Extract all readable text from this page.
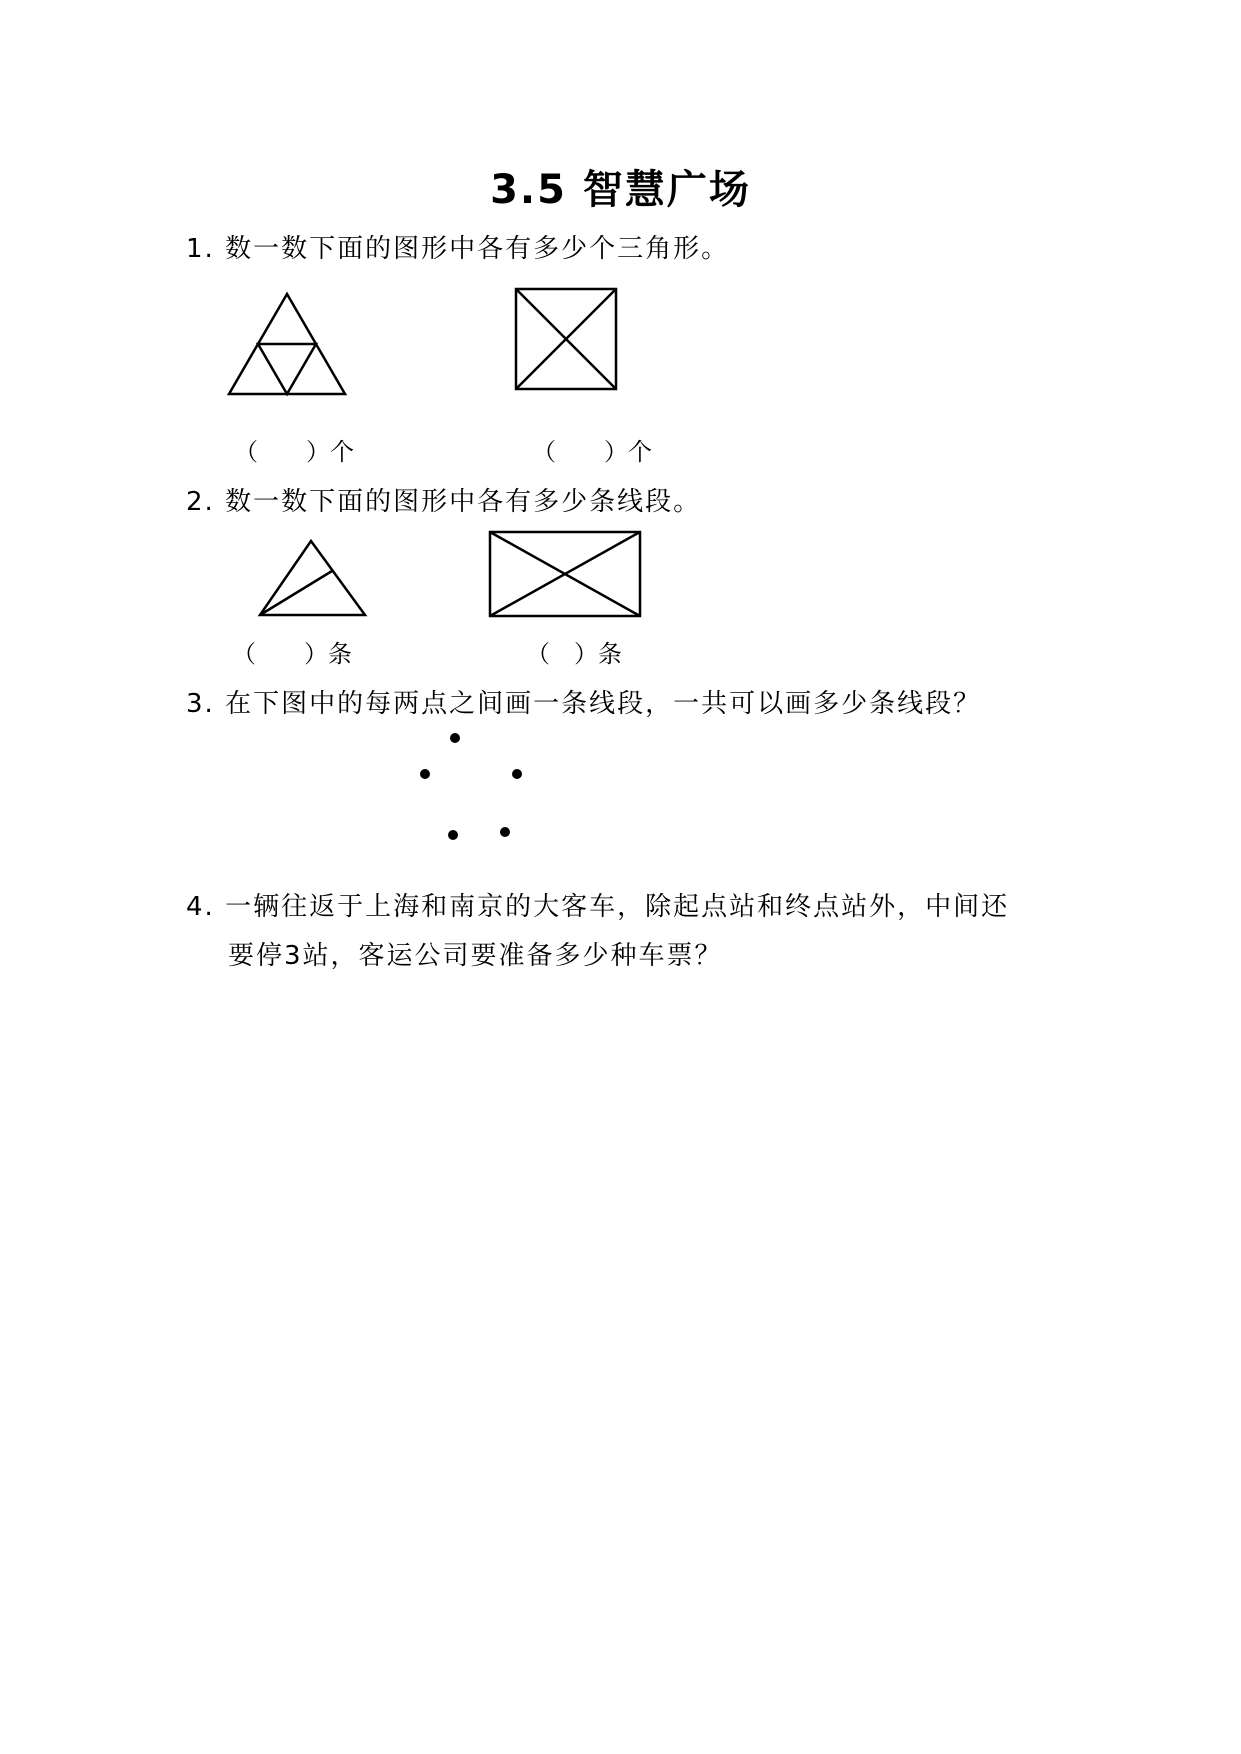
3.5 智慧广场
1. 数一数下面的图形中各有多少个三角形。
（　　）个	（　　）个
2. 数一数下面的图形中各有多少条线段。
（　　）条	（　）条
3. 在下图中的每两点之间画一条线段，一共可以画多少条线段？
4. 一辆往返于上海和南京的大客车，除起点站和终点站外，中间还
要停3站，客运公司要准备多少种车票？
